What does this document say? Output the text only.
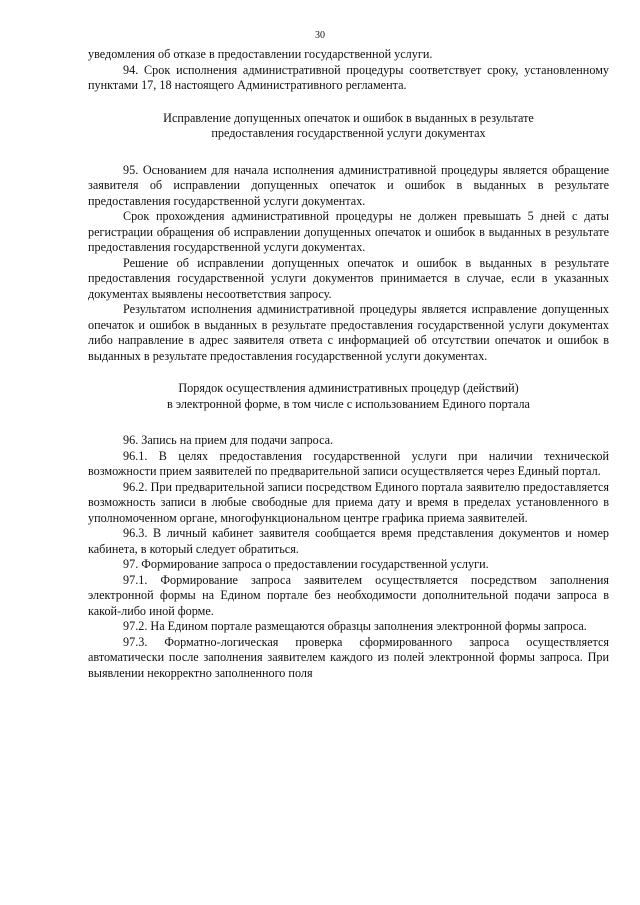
30

уведомления об отказе в предоставлении государственной услуги.

94. Срок исполнения административной процедуры соответствует сроку, установленному пунктами 17, 18 настоящего Административного регламента.

Исправление допущенных опечаток и ошибок в выданных в результате
предоставления государственной услуги документах

95. Основанием для начала исполнения административной процедуры является обращение заявителя об исправлении допущенных опечаток и ошибок в выданных в результате предоставления государственной услуги документах.

Срок прохождения административной процедуры не должен превышать 5 дней с даты регистрации обращения об исправлении допущенных опечаток и ошибок в выданных в результате предоставления государственной услуги документах.

Решение об исправлении допущенных опечаток и ошибок в выданных в результате предоставления государственной услуги документов принимается в случае, если в указанных документах выявлены несоответствия запросу.

Результатом исполнения административной процедуры является исправление допущенных опечаток и ошибок в выданных в результате предоставления государственной услуги документах либо направление в адрес заявителя ответа с информацией об отсутствии опечаток и ошибок в выданных в результате предоставления государственной услуги документах.

Порядок осуществления административных процедур (действий)
в электронной форме, в том числе с использованием Единого портала

96. Запись на прием для подачи запроса.

96.1. В целях предоставления государственной услуги при наличии технической возможности прием заявителей по предварительной записи осуществляется через Единый портал.

96.2. При предварительной записи посредством Единого портала заявителю предоставляется возможность записи в любые свободные для приема дату и время в пределах установленного в уполномоченном органе, многофункциональном центре графика приема заявителей.

96.3. В личный кабинет заявителя сообщается время представления документов и номер кабинета, в который следует обратиться.

97. Формирование запроса о предоставлении государственной услуги.

97.1. Формирование запроса заявителем осуществляется посредством заполнения электронной формы на Едином портале без необходимости дополнительной подачи запроса в какой-либо иной форме.

97.2. На Едином портале размещаются образцы заполнения электронной формы запроса.

97.3. Форматно-логическая проверка сформированного запроса осуществляется автоматически после заполнения заявителем каждого из полей электронной формы запроса. При выявлении некорректно заполненного поля
